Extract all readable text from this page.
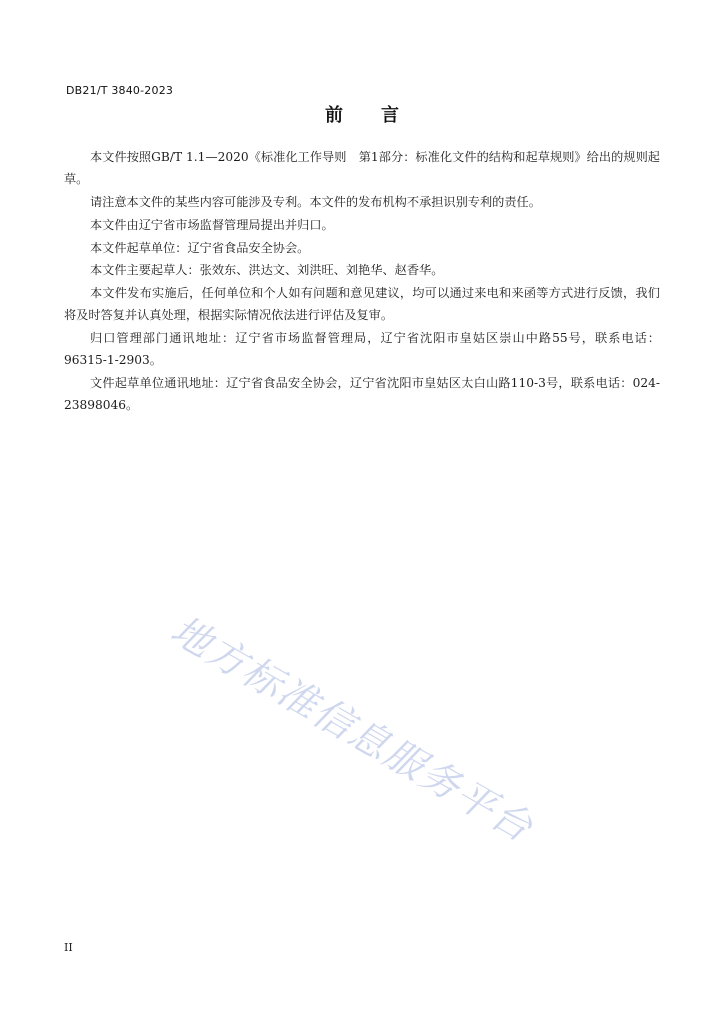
DB21/T 3840-2023
前 言

本文件按照GB/T 1.1—2020《标准化工作导则　第1部分：标准化文件的结构和起草规则》给出的规则起草。

请注意本文件的某些内容可能涉及专利。本文件的发布机构不承担识别专利的责任。

本文件由辽宁省市场监督管理局提出并归口。

本文件起草单位：辽宁省食品安全协会。

本文件主要起草人：张效东、洪达文、刘洪旺、刘艳华、赵香华。

本文件发布实施后，任何单位和个人如有问题和意见建议，均可以通过来电和来函等方式进行反馈，我们将及时答复并认真处理，根据实际情况依法进行评估及复审。

归口管理部门通讯地址：辽宁省市场监督管理局，辽宁省沈阳市皇姑区崇山中路55号，联系电话：96315-1-2903。

文件起草单位通讯地址：辽宁省食品安全协会，辽宁省沈阳市皇姑区太白山路110-3号，联系电话：024-23898046。

地方标准信息服务平台
II
